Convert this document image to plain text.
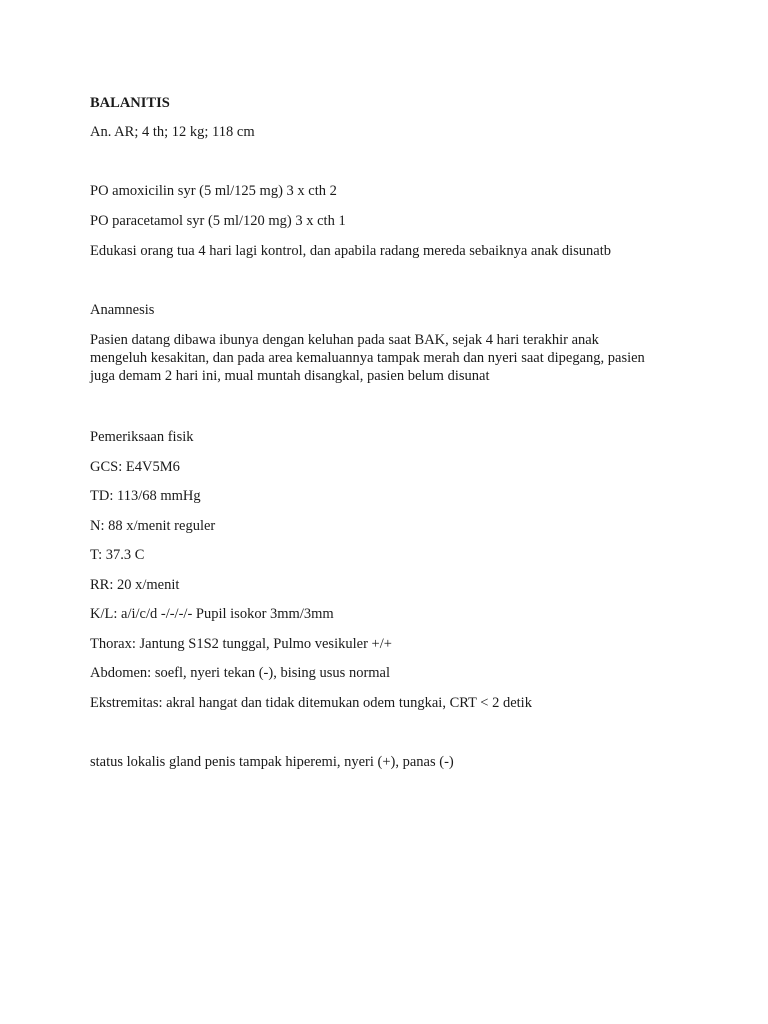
BALANITIS
An. AR; 4 th; 12 kg; 118 cm
PO amoxicilin syr (5 ml/125 mg) 3 x cth 2
PO paracetamol syr (5 ml/120 mg) 3 x cth 1
Edukasi orang tua 4 hari lagi kontrol, dan apabila radang mereda sebaiknya anak disunatb
Anamnesis
Pasien datang dibawa ibunya dengan keluhan pada saat BAK, sejak 4 hari terakhir anak
mengeluh kesakitan, dan pada area kemaluannya tampak merah dan nyeri saat dipegang, pasien
juga demam 2 hari ini, mual muntah disangkal, pasien belum disunat
Pemeriksaan fisik
GCS: E4V5M6
TD: 113/68 mmHg
N: 88 x/menit reguler
T: 37.3 C
RR: 20 x/menit
K/L: a/i/c/d -/-/-/- Pupil isokor 3mm/3mm
Thorax: Jantung S1S2 tunggal, Pulmo vesikuler +/+
Abdomen: soefl, nyeri tekan (-), bising usus normal
Ekstremitas: akral hangat dan tidak ditemukan odem tungkai, CRT < 2 detik
status lokalis gland penis tampak hiperemi, nyeri (+), panas (-)
